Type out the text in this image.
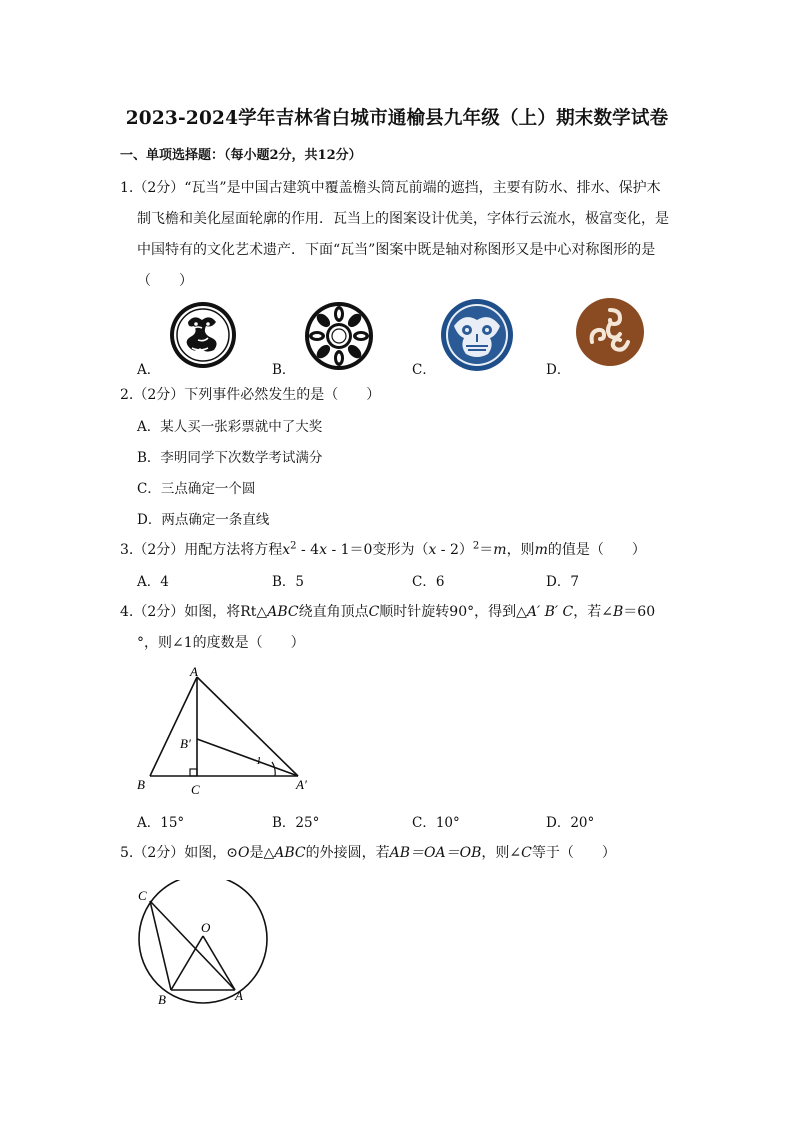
2023-2024学年吉林省白城市通榆县九年级（上）期末数学试卷
一、单项选择题：（每小题2分，共12分）
1.（2分）“瓦当”是中国古建筑中覆盖檐头筒瓦前端的遮挡，主要有防水、排水、保护木
制飞檐和美化屋面轮廓的作用．瓦当上的图案设计优美，字体行云流水，极富变化，是
中国特有的文化艺术遗产．下面“瓦当”图案中既是轴对称图形又是中心对称图形的是
（　　）
A．	B．	C．	D．
2.（2分）下列事件必然发生的是（　　）
A．某人买一张彩票就中了大奖
B．李明同学下次数学考试满分
C．三点确定一个圆
D．两点确定一条直线
3.（2分）用配方法将方程$x^2 - 4x - 1=0$变形为（x - 2）$^2$＝m，则m的值是（　　）
A．4	B．5	C．6	D．7
4.（2分）如图，将Rt△ABC绕直角顶点C顺时针旋转90°，得到△A′ B′ C，若∠B＝60
°，则∠1的度数是（　　）
A
B	C
B′
A′
1
A．15°	B．25°	C．10°	D．20°
5.（2分）如图，⊙O是△ABC的外接圆，若AB＝OA＝OB，则∠C等于（　　）
C
O
B	A
